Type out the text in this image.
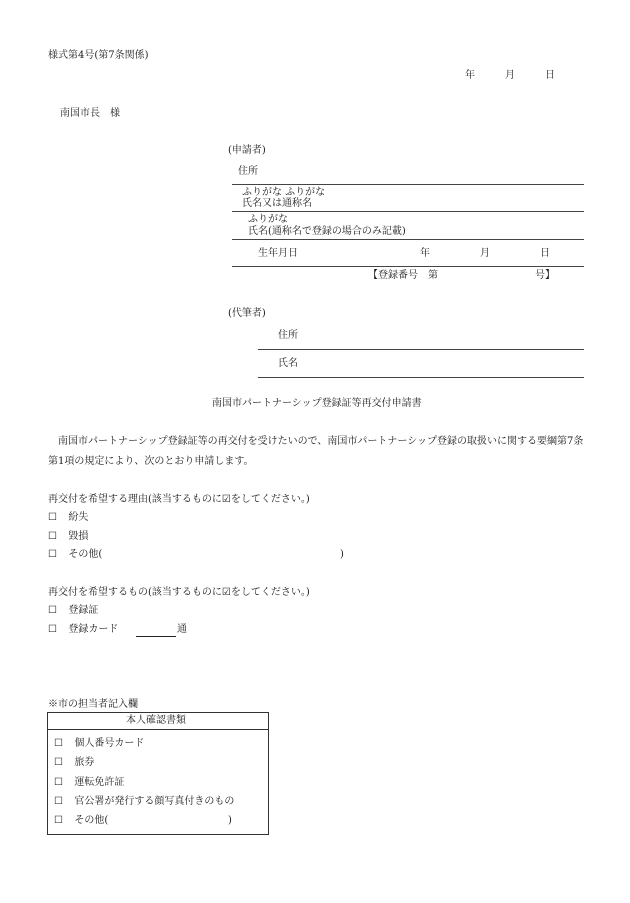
様式第4号(第7条関係)
年	月	日
南国市長　様
(申請者)
住所
ふりがな ふりがな
氏名又は通称名
ふりがな
氏名(通称名で登録の場合のみ記載)
生年月日	年	月	日
【登録番号　第	号】
(代筆者)
住所
氏名
南国市パートナーシップ登録証等再交付申請書
南国市パートナーシップ登録証等の再交付を受けたいので、南国市パートナーシップ登録の取扱いに関する要綱第7条
第1項の規定により、次のとおり申請します。
再交付を希望する理由(該当するものに☑をしてください。)
☐ 紛失
☐ 毀損
☐ その他(	)
再交付を希望するもの(該当するものに☑をしてください。)
☐ 登録証
☐ 登録カード	通
※市の担当者記入欄
本人確認書類
☐ 個人番号カード
☐ 旅券
☐ 運転免許証
☐ 官公署が発行する顔写真付きのもの
☐ その他(	)
